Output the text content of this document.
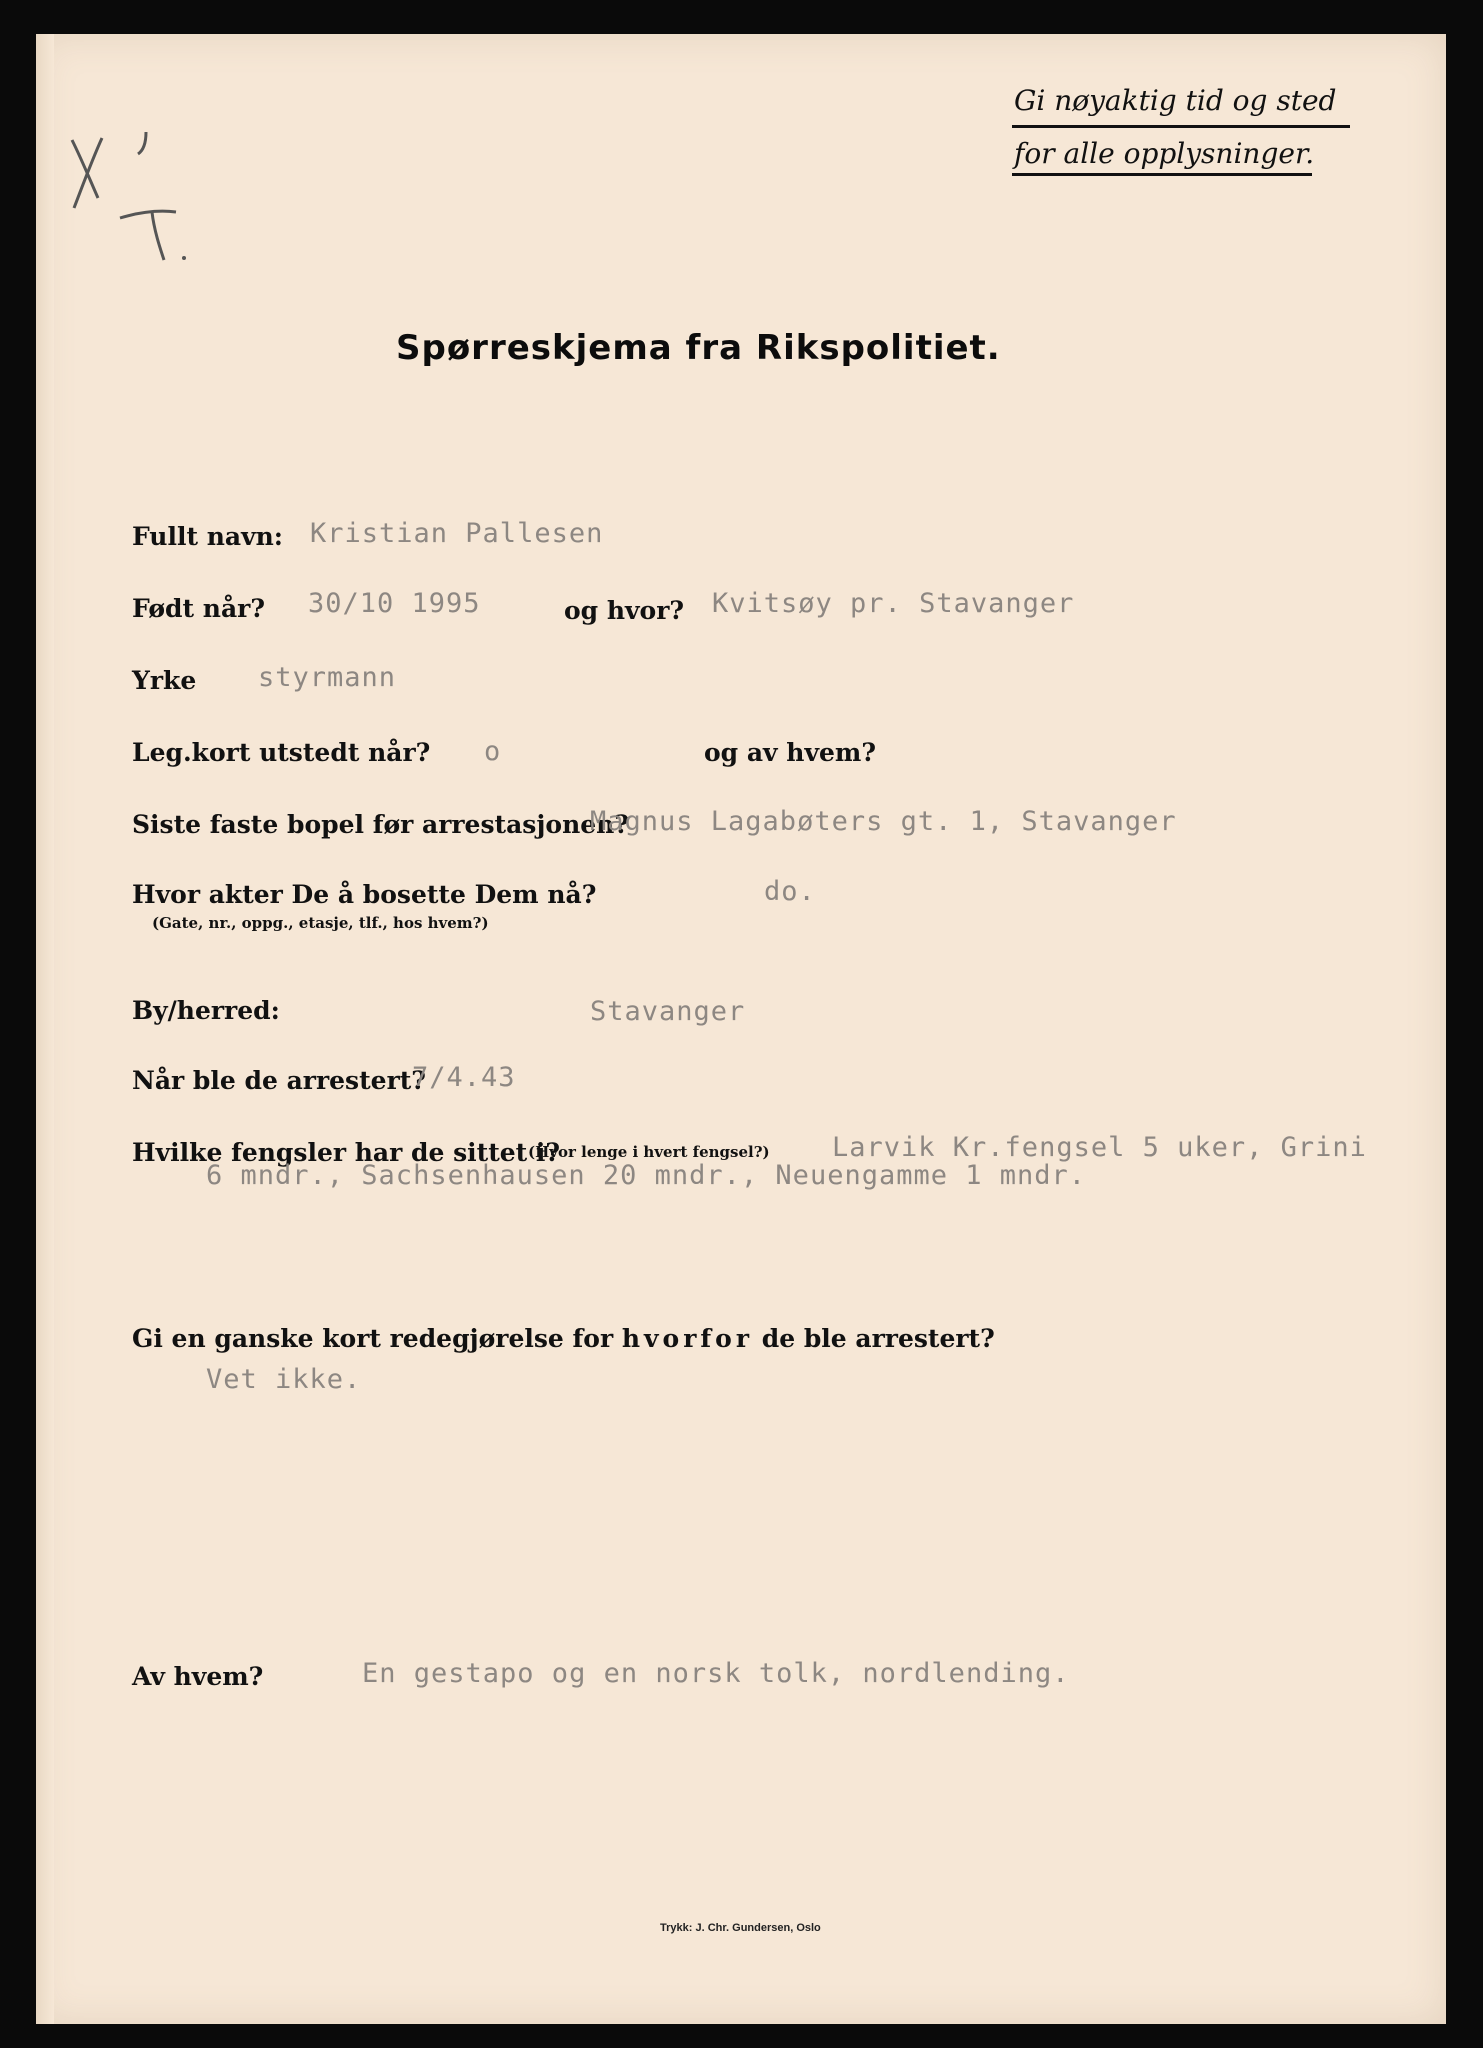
Gi nøyaktig tid og sted
for alle opplysninger.
Spørreskjema fra Rikspolitiet.
Fullt navn: Kristian Pallesen
Født når? 30/10 1995	og hvor? Kvitsøy pr. Stavanger
Yrke styrmann
Leg.kort utstedt når? o	og av hvem?
Siste faste bopel før arrestasjonen?
Magnus Lagabøters gt. 1, Stavanger
Hvor akter De å bosette Dem nå?
(Gate, nr., oppg., etasje, tlf., hos hvem?)
do.
By/herred:	Stavanger
Når ble de arrestert?
7/4.43
Hvilke fengsler har de sittet i?
(Hvor lenge i hvert fengsel?) Larvik Kr.fengsel 5 uker, Grini
6 mndr., Sachsenhausen 20 mndr., Neuengamme 1 mndr.
Gi en ganske kort redegjørelse for hvorfor de ble arrestert?
Vet ikke.
Av hvem?	En gestapo og en norsk tolk, nordlending.
Trykk: J. Chr. Gundersen, Oslo
